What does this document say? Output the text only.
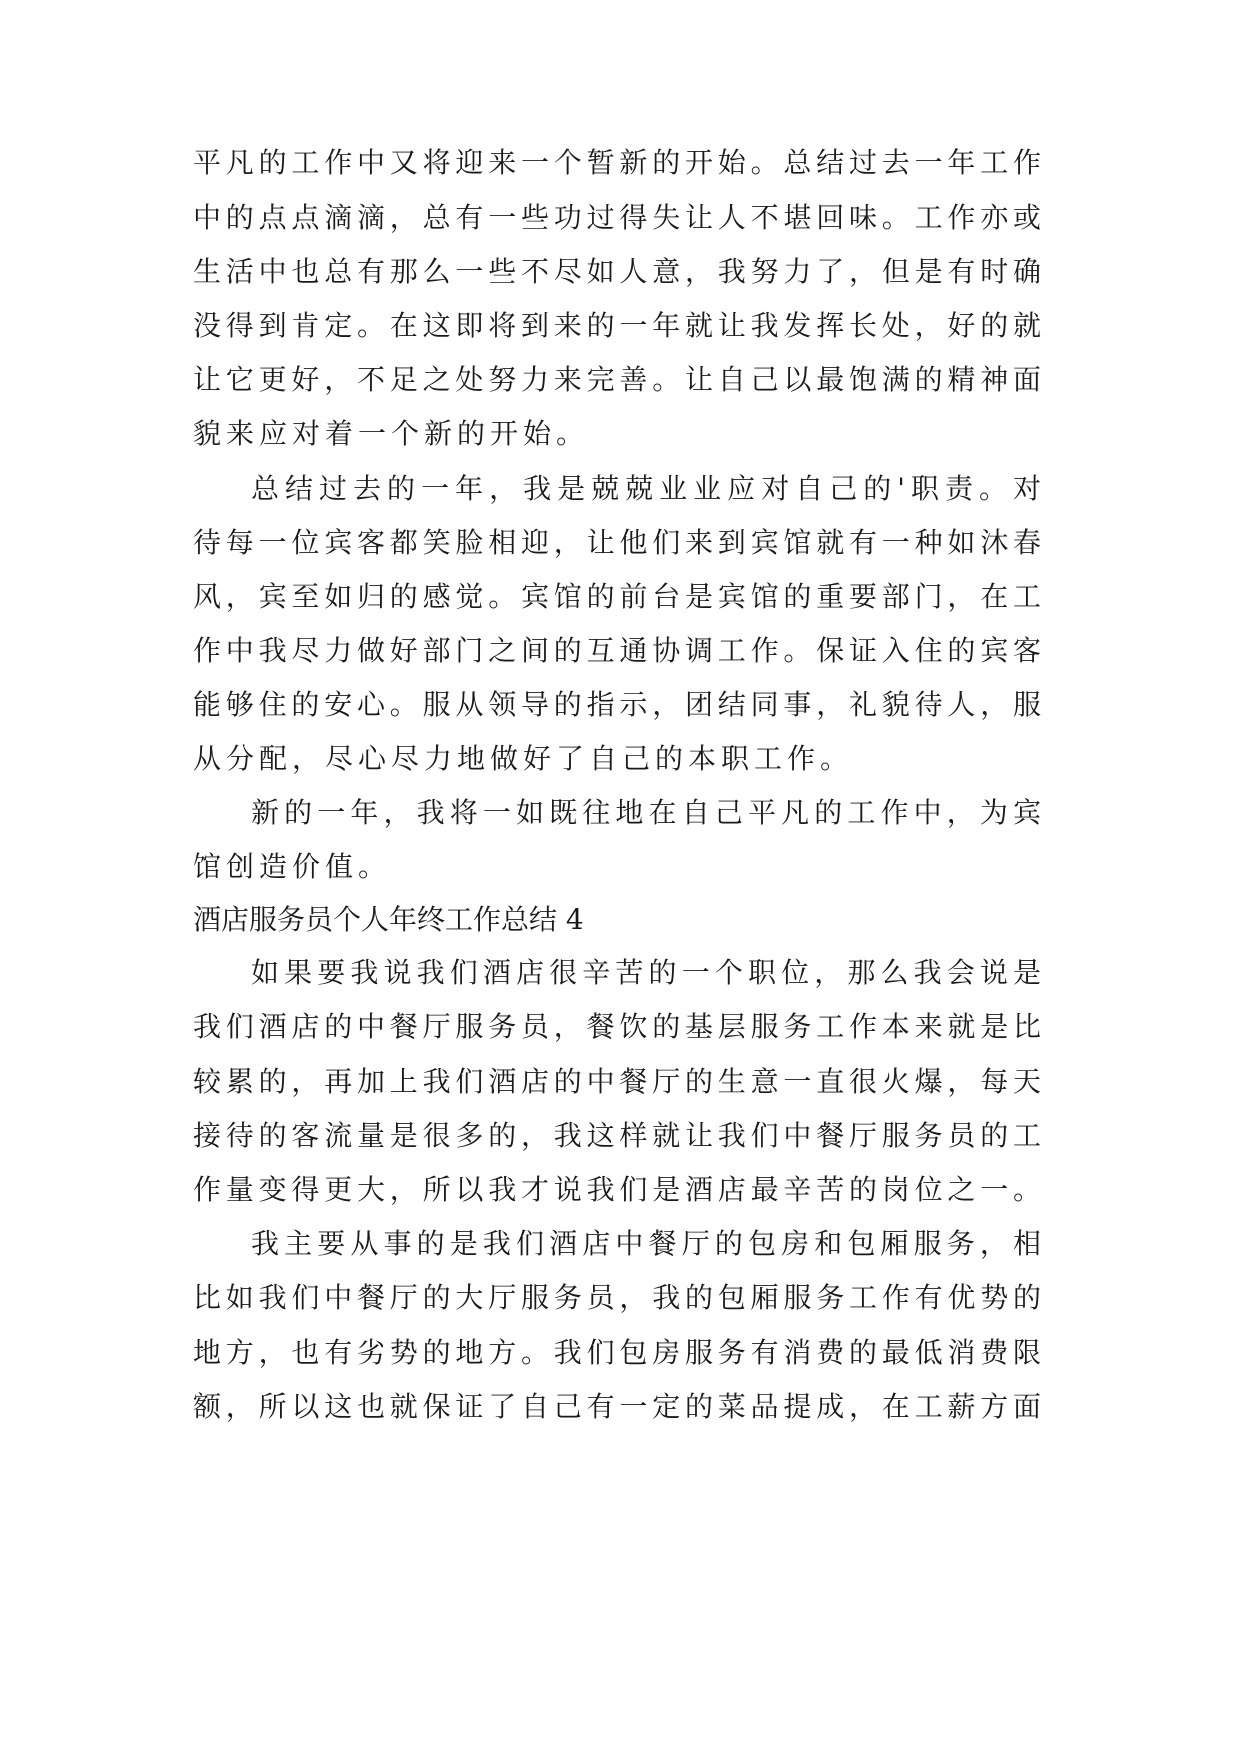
平凡的工作中又将迎来一个暂新的开始。总结过去一年工作
中的点点滴滴，总有一些功过得失让人不堪回味。工作亦或
生活中也总有那么一些不尽如人意，我努力了，但是有时确
没得到肯定。在这即将到来的一年就让我发挥长处，好的就
让它更好，不足之处努力来完善。让自己以最饱满的精神面
貌来应对着一个新的开始。
总结过去的一年，我是兢兢业业应对自己的'职责。对
待每一位宾客都笑脸相迎，让他们来到宾馆就有一种如沐春
风，宾至如归的感觉。宾馆的前台是宾馆的重要部门，在工
作中我尽力做好部门之间的互通协调工作。保证入住的宾客
能够住的安心。服从领导的指示，团结同事，礼貌待人，服
从分配，尽心尽力地做好了自己的本职工作。
新的一年，我将一如既往地在自己平凡的工作中，为宾
馆创造价值。
酒店服务员个人年终工作总结 4
如果要我说我们酒店很辛苦的一个职位，那么我会说是
我们酒店的中餐厅服务员，餐饮的基层服务工作本来就是比
较累的，再加上我们酒店的中餐厅的生意一直很火爆，每天
接待的客流量是很多的，我这样就让我们中餐厅服务员的工
作量变得更大，所以我才说我们是酒店最辛苦的岗位之一。
我主要从事的是我们酒店中餐厅的包房和包厢服务，相
比如我们中餐厅的大厅服务员，我的包厢服务工作有优势的
地方，也有劣势的地方。我们包房服务有消费的最低消费限
额，所以这也就保证了自己有一定的菜品提成，在工薪方面
